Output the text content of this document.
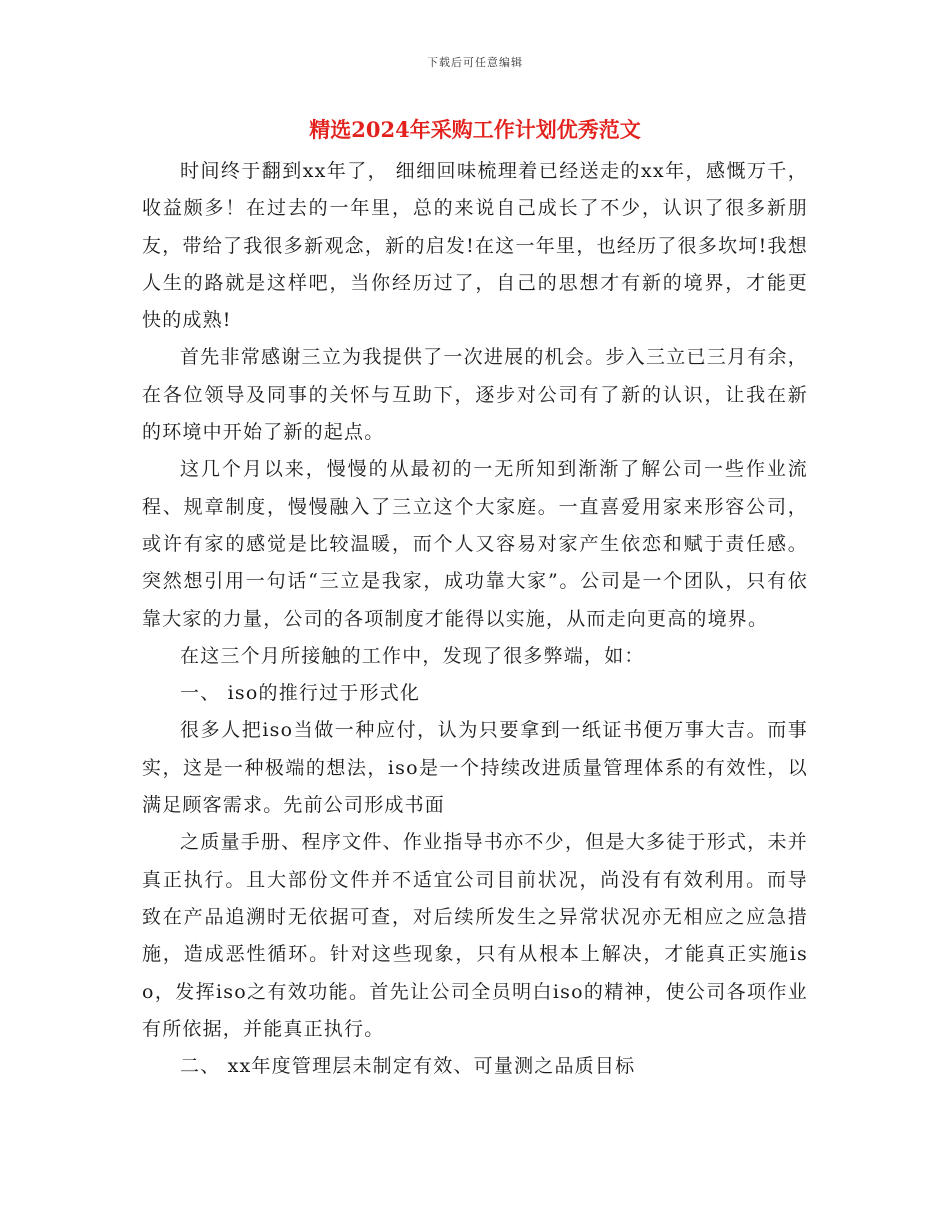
下载后可任意编辑
精选2024年采购工作计划优秀范文

时间终于翻到xx年了， 细细回味梳理着已经送走的xx年，感慨万千，收益颇多！在过去的一年里，总的来说自己成长了不少，认识了很多新朋友，带给了我很多新观念，新的启发!在这一年里，也经历了很多坎坷!我想人生的路就是这样吧，当你经历过了，自己的思想才有新的境界，才能更快的成熟!

首先非常感谢三立为我提供了一次进展的机会。步入三立已三月有余，在各位领导及同事的关怀与互助下，逐步对公司有了新的认识，让我在新的环境中开始了新的起点。

这几个月以来，慢慢的从最初的一无所知到渐渐了解公司一些作业流程、规章制度，慢慢融入了三立这个大家庭。一直喜爱用家来形容公司，或许有家的感觉是比较温暖，而个人又容易对家产生依恋和赋于责任感。突然想引用一句话“三立是我家，成功靠大家”。公司是一个团队，只有依靠大家的力量，公司的各项制度才能得以实施，从而走向更高的境界。

在这三个月所接触的工作中，发现了很多弊端，如：

一、 iso的推行过于形式化

很多人把iso当做一种应付，认为只要拿到一纸证书便万事大吉。而事实，这是一种极端的想法，iso是一个持续改进质量管理体系的有效性，以满足顾客需求。先前公司形成书面

之质量手册、程序文件、作业指导书亦不少，但是大多徒于形式，未并真正执行。且大部份文件并不适宜公司目前状况，尚没有有效利用。而导致在产品追溯时无依据可查，对后续所发生之异常状况亦无相应之应急措施，造成恶性循环。针对这些现象，只有从根本上解决，才能真正实施iso，发挥iso之有效功能。首先让公司全员明白iso的精神，使公司各项作业有所依据，并能真正执行。

二、 xx年度管理层未制定有效、可量测之品质目标
